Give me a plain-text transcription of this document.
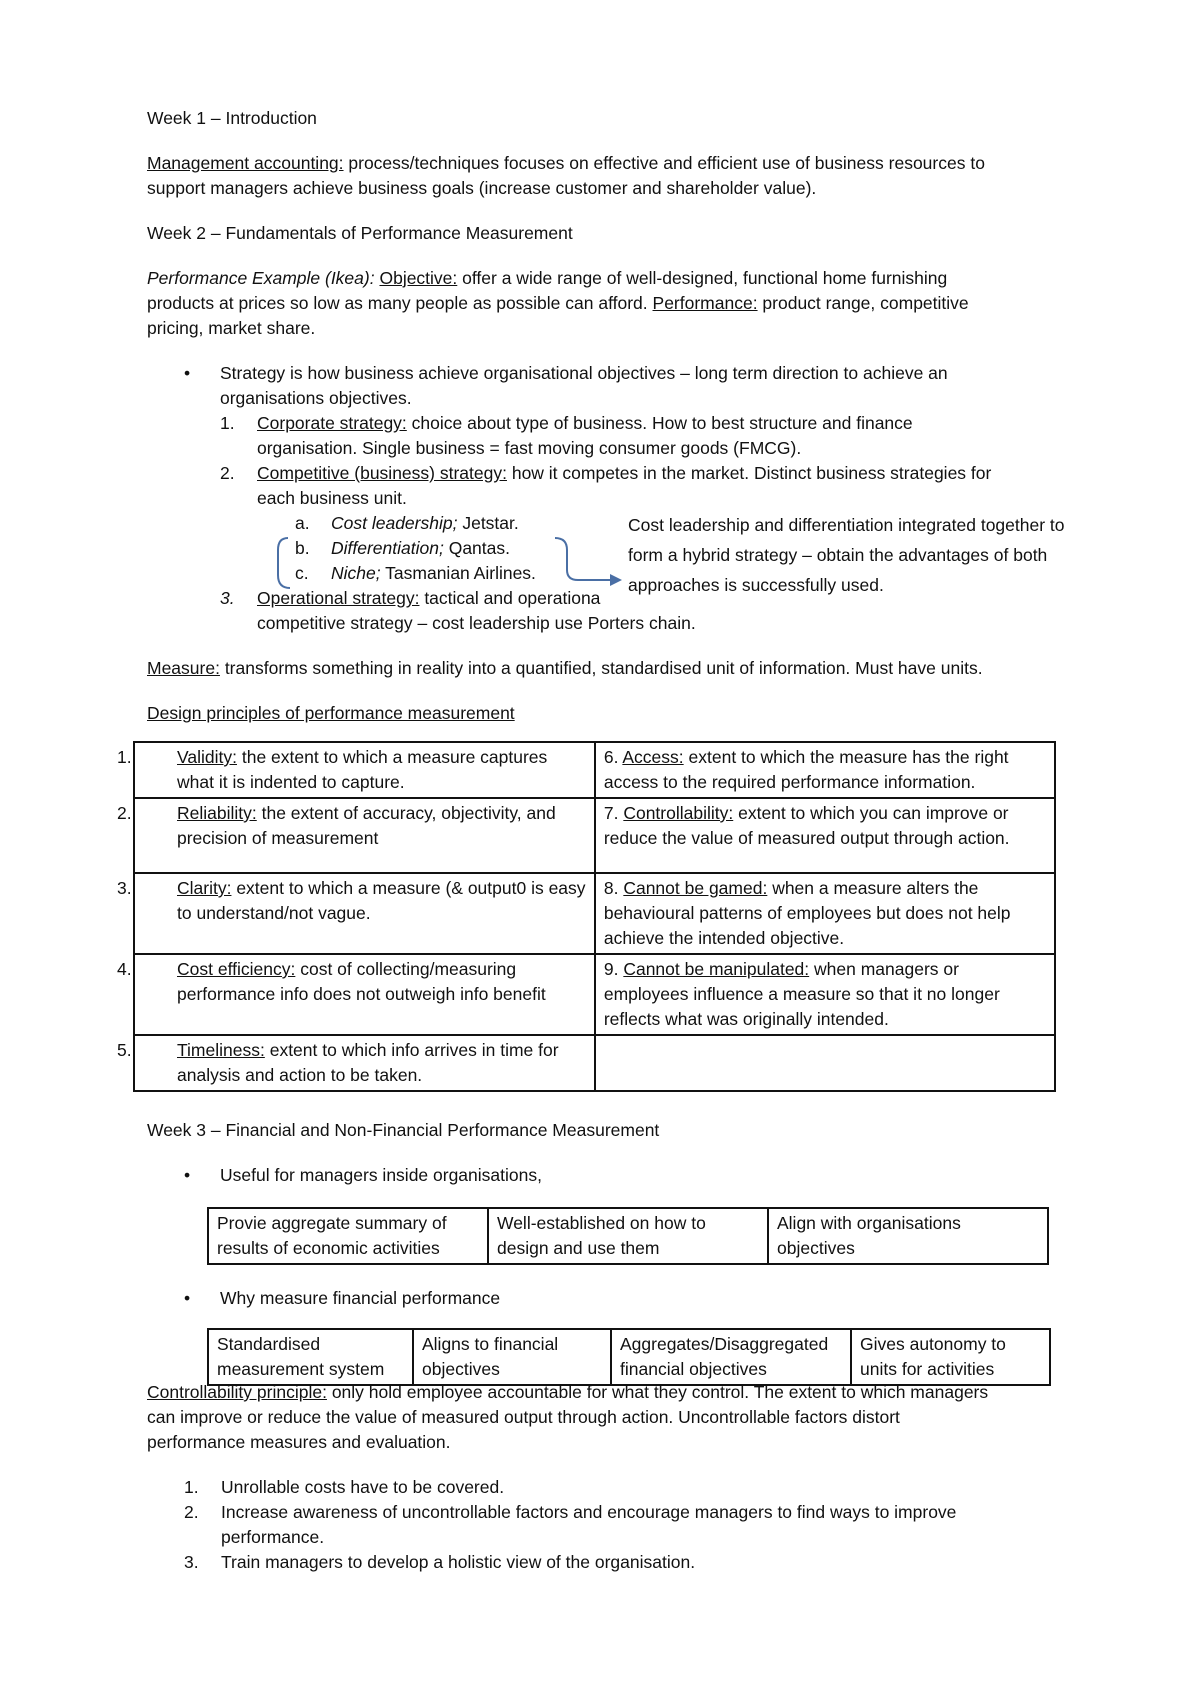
Week 1 – Introduction

Management accounting: process/techniques focuses on effective and efficient use of business resources to

support managers achieve business goals (increase customer and shareholder value).

Week 2 – Fundamentals of Performance Measurement

Performance Example (Ikea): Objective: offer a wide range of well-designed, functional home furnishing

products at prices so low as many people as possible can afford. Performance: product range, competitive

pricing, market share.

• Strategy is how business achieve organisational objectives – long term direction to achieve an

organisations objectives.

1. Corporate strategy: choice about type of business. How to best structure and finance

organisation. Single business = fast moving consumer goods (FMCG).

2. Competitive (business) strategy: how it competes in the market. Distinct business strategies for

each business unit.

a. Cost leadership; Jetstar.

b. Differentiation; Qantas.

c. Niche; Tasmanian Airlines.

3. Operational strategy: tactical and operationa

competitive strategy – cost leadership use Porters chain.

Cost leadership and differentiation integrated together to form a hybrid strategy – obtain the advantages of both approaches is successfully used.

Measure: transforms something in reality into a quantified, standardised unit of information. Must have units.

Design principles of performance measurement

1. Validity: the extent to which a measure captures what it is indented to capture.	6. Access: extent to which the measure has the right access to the required performance information.

2. Reliability: the extent of accuracy, objectivity, and precision of measurement	7. Controllability: extent to which you can improve or reduce the value of measured output through action.

3. Clarity: extent to which a measure (& output0 is easy to understand/not vague.	8. Cannot be gamed: when a measure alters the behavioural patterns of employees but does not help achieve the intended objective.

4. Cost efficiency: cost of collecting/measuring performance info does not outweigh info benefit	9. Cannot be manipulated: when managers or employees influence a measure so that it no longer reflects what was originally intended.

5. Timeliness: extent to which info arrives in time for analysis and action to be taken.	

Week 3 – Financial and Non-Financial Performance Measurement

• Useful for managers inside organisations,

Provie aggregate summary of results of economic activities	Well-established on how to design and use them	Align with organisations objectives
• Why measure financial performance

Standardised measurement system	Aligns to financial objectives	Aggregates/Disaggregated financial objectives	Gives autonomy to units for activities

Controllability principle: only hold employee accountable for what they control. The extent to which managers

can improve or reduce the value of measured output through action. Uncontrollable factors distort

performance measures and evaluation.

1.	Unrollable costs have to be covered.
2.	Increase awareness of uncontrollable factors and encourage managers to find ways to improve performance.
3.	Train managers to develop a holistic view of the organisation.
